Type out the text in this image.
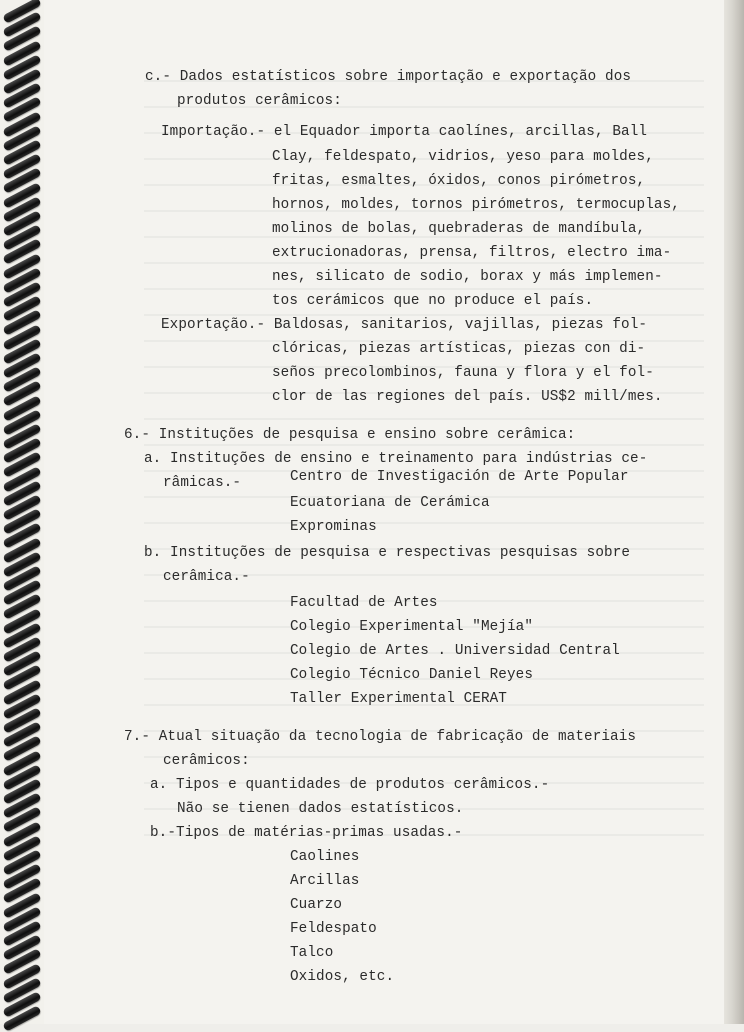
c.- Dados estatísticos sobre importação e exportação dos
produtos cerâmicos:
Importação.- el Equador importa caolínes, arcillas, Ball
Clay, feldespato, vidrios, yeso para moldes,
fritas, esmaltes, óxidos, conos pirómetros,
hornos, moldes, tornos pirómetros, termocuplas,
molinos de bolas, quebraderas de mandíbula,
extrucionadoras, prensa, filtros, electro ima-
nes, silicato de sodio, borax y más implemen-
tos cerámicos que no produce el país.
Exportação.- Baldosas, sanitarios, vajillas, piezas fol-
clóricas, piezas artísticas, piezas con di-
seños precolombinos, fauna y flora y el fol-
clor de las regiones del país. US$2 mill/mes.
6.- Instituções de pesquisa e ensino sobre cerâmica:
a. Instituções de ensino e treinamento para indústrias ce-
râmicas.-	Centro de Investigación de Arte Popular
Ecuatoriana de Cerámica
Exprominas
b. Instituções de pesquisa e respectivas pesquisas sobre
cerâmica.-
Facultad de Artes
Colegio Experimental "Mejía"
Colegio de Artes . Universidad Central
Colegio Técnico Daniel Reyes
Taller Experimental CERAT
7.- Atual situação da tecnologia de fabricação de materiais
cerâmicos:
a. Tipos e quantidades de produtos cerâmicos.-
Não se tienen dados estatísticos.
b.-Tipos de matérias-primas usadas.-
Caolines
Arcillas
Cuarzo
Feldespato
Talco
Oxidos, etc.
